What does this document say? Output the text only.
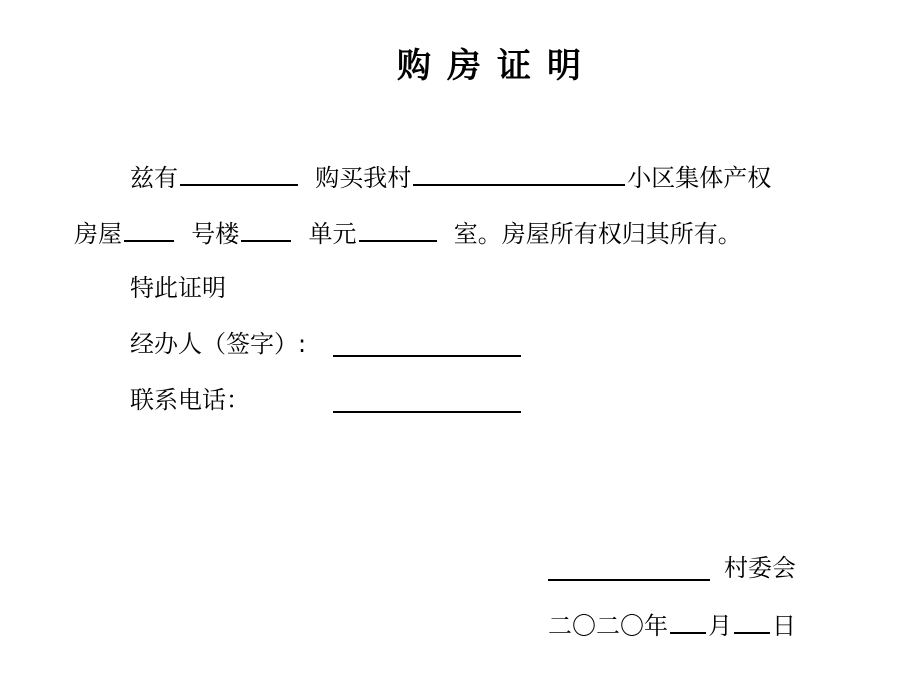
购 房 证 明
兹有	购买我村	小区集体产权
房屋	号楼	单元	室。房屋所有权归其所有。
特此证明
经办人（签字）:
联系电话：
村委会
二〇二〇年 月 日
